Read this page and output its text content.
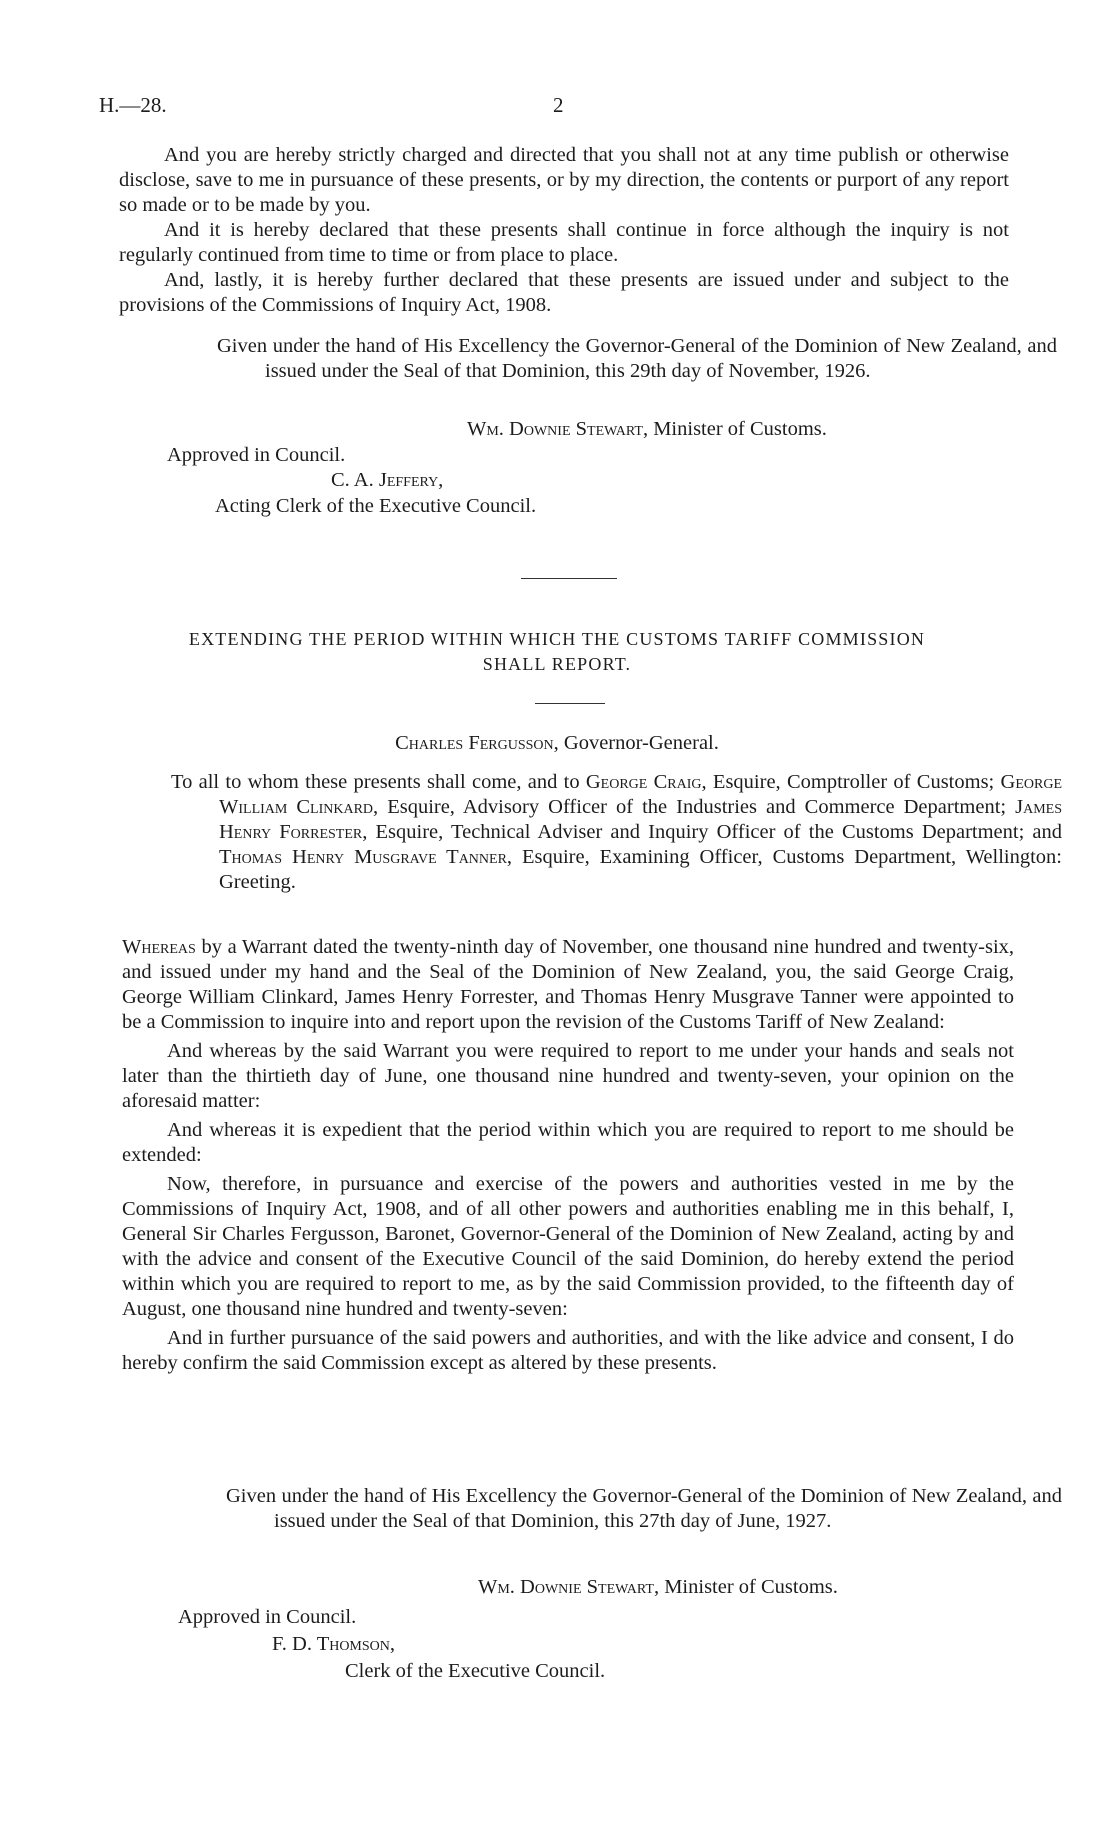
H.—28.	2

And you are hereby strictly charged and directed that you shall not at any time publish or otherwise disclose, save to me in pursuance of these presents, or by my direction, the contents or purport of any report so made or to be made by you.

And it is hereby declared that these presents shall continue in force although the inquiry is not regularly continued from time to time or from place to place.

And, lastly, it is hereby further declared that these presents are issued under and subject to the provisions of the Commissions of Inquiry Act, 1908.

Given under the hand of His Excellency the Governor-General of the Dominion of New Zealand, and issued under the Seal of that Dominion, this 29th day of November, 1926.
Wm. Downie Stewart, Minister of Customs.
Approved in Council.
C. A. Jeffery,
Acting Clerk of the Executive Council.
EXTENDING THE PERIOD WITHIN WHICH THE CUSTOMS TARIFF COMMISSION
SHALL REPORT.
Charles Fergusson, Governor-General.
To all to whom these presents shall come, and to George Craig, Esquire, Comptroller of Customs; George William Clinkard, Esquire, Advisory Officer of the Industries and Commerce Department; James Henry Forrester, Esquire, Technical Adviser and Inquiry Officer of the Customs Department; and Thomas Henry Musgrave Tanner, Esquire, Examining Officer, Customs Department, Wellington: Greeting.

Whereas by a Warrant dated the twenty-ninth day of November, one thousand nine hundred and twenty-six, and issued under my hand and the Seal of the Dominion of New Zealand, you, the said George Craig, George William Clinkard, James Henry Forrester, and Thomas Henry Musgrave Tanner were appointed to be a Commission to inquire into and report upon the revision of the Customs Tariff of New Zealand:

And whereas by the said Warrant you were required to report to me under your hands and seals not later than the thirtieth day of June, one thousand nine hundred and twenty-seven, your opinion on the aforesaid matter:

And whereas it is expedient that the period within which you are required to report to me should be extended:

Now, therefore, in pursuance and exercise of the powers and authorities vested in me by the Commissions of Inquiry Act, 1908, and of all other powers and authorities enabling me in this behalf, I, General Sir Charles Fergusson, Baronet, Governor-General of the Dominion of New Zealand, acting by and with the advice and consent of the Executive Council of the said Dominion, do hereby extend the period within which you are required to report to me, as by the said Commission provided, to the fifteenth day of August, one thousand nine hundred and twenty-seven:

And in further pursuance of the said powers and authorities, and with the like advice and consent, I do hereby confirm the said Commission except as altered by these presents.

Given under the hand of His Excellency the Governor-General of the Dominion of New Zealand, and issued under the Seal of that Dominion, this 27th day of June, 1927.
Wm. Downie Stewart, Minister of Customs.
Approved in Council.
F. D. Thomson,
Clerk of the Executive Council.
